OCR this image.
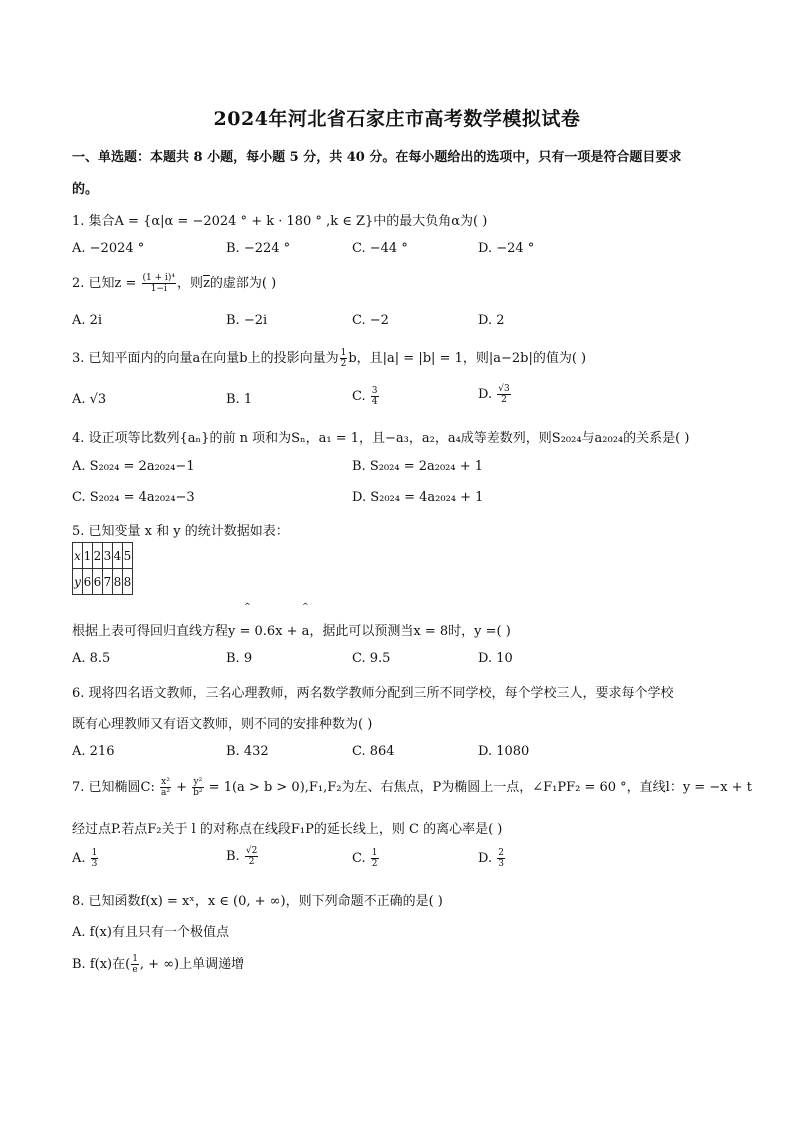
2024年河北省石家庄市高考数学模拟试卷
一、单选题：本题共 8 小题，每小题 5 分，共 40 分。在每小题给出的选项中，只有一项是符合题目要求
的。
1. 集合A = {α|α = −2024 ° + k · 180 ° ,k ∈ Z}中的最大负角α为( )
A. −2024 °	B. −224 °	C. −44 °	D. −24 °
2. 已知$z = \frac{\text{(1 + i)⁴}}{1-i}$ ，则$\overline{z}$的虚部为( )
A. 2i	B. −2i	C. −2	D. 2
3. 已知平面内的向量a在向量b上的投影向量为 $\frac{1}{2}$ b，且|a| = |b| = 1，则|a−2b|的值为( )
A. √3	B. 1	C. $\frac{3}{4}$	D. $\frac{√3}{2}$
4. 设正项等比数列{aₙ}的前 n 项和为Sₙ，a₁ = 1，且−a₃，a₂，a₄成等差数列，则S₂₀₂₄与a₂₀₂₄的关系是( )
A. S₂₀₂₄ = 2a₂₀₂₄−1	B. S₂₀₂₄ = 2a₂₀₂₄ + 1
C. S₂₀₂₄ = 4a₂₀₂₄−3	D. S₂₀₂₄ = 4a₂₀₂₄ + 1
5. 已知变量 x 和 y 的统计数据如表：
x	1	2	3	4	5
y	6	6	7	8	8
^	^
根据上表可得回归直线方程y = 0.6x + a，据此可以预测当x = 8时，y =( )
A. 8.5	B. 9	C. 9.5	D. 10
6. 现将四名语文教师，三名心理教师，两名数学教师分配到三所不同学校，每个学校三人，要求每个学校
既有心理教师又有语文教师，则不同的安排种数为( )
A. 216	B. 432	C. 864	D. 1080
7. 已知椭圆C: $\frac{\text{x²}}{\text{a²}} + \frac{\text{y²}}{\text{b²}} = 1(a > b > 0),F_1,F_2$为左、右焦点，P为椭圆上一点，∠F₁PF₂ = 60 °，直线l：y = −x + t
经过点P.若点F₂关于 l 的对称点在线段F₁P的延长线上，则 C 的离心率是( )
A. $\frac{1}{3}$	B. $\frac{√2}{2}$	C. $\frac{1}{2}$	D. $\frac{2}{3}$
8. 已知函数f(x) = xˣ，x ∈ (0, + ∞)，则下列命题不正确的是( )
A. f(x)有且只有一个极值点
B. f(x)在( $\frac{1}{e}$ , + ∞)上单调递增
